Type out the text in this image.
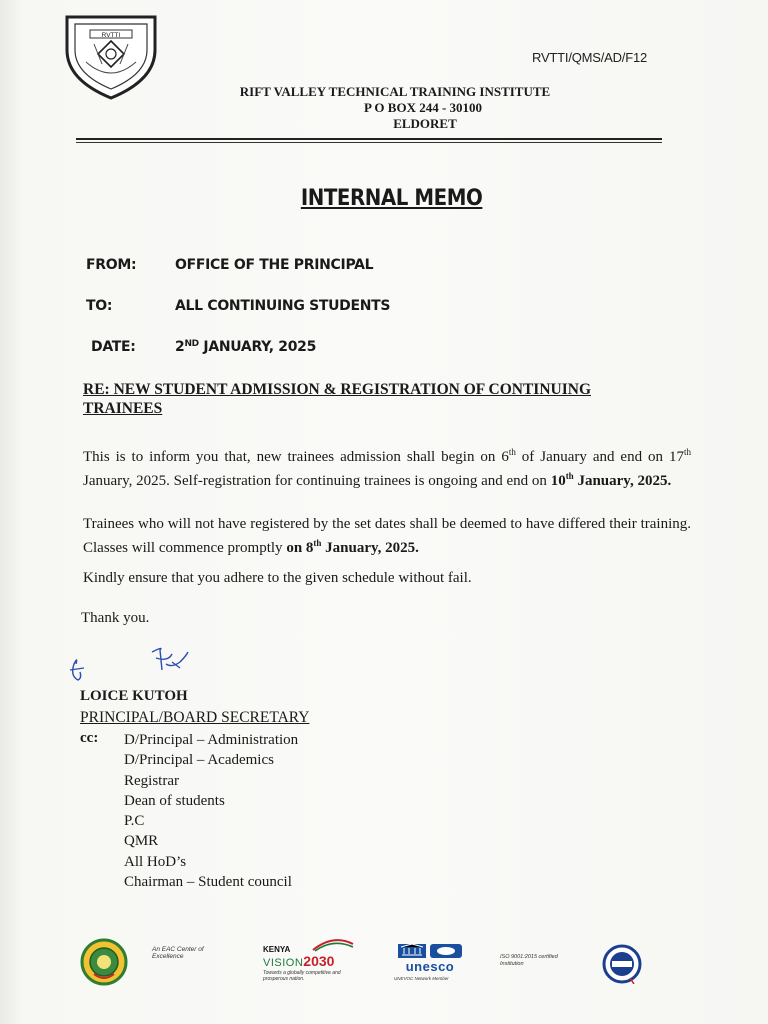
RVTTI
RVTTI/QMS/AD/F12
RIFT VALLEY TECHNICAL TRAINING INSTITUTE
P O BOX 244 - 30100
ELDORET
INTERNAL MEMO
FROM:	OFFICE OF THE PRINCIPAL
TO:	ALL CONTINUING STUDENTS
DATE:	2ND JANUARY, 2025
RE: NEW STUDENT ADMISSION & REGISTRATION OF CONTINUING TRAINEES
This is to inform you that, new trainees admission shall begin on 6th of January and end on 17th January, 2025. Self-registration for continuing trainees is ongoing and end on 10th January, 2025.
Trainees who will not have registered by the set dates shall be deemed to have differed their training. Classes will commence promptly on 8th January, 2025.
Kindly ensure that you adhere to the given schedule without fail.
Thank you.
LOICE KUTOH
PRINCIPAL/BOARD SECRETARY
cc: D/Principal – Administration
D/Principal – Academics
Registrar
Dean of students
P.C
QMR
All HoD’s
Chairman – Student council
An EAC Center of Excellence
KENYA
VISION2030
Towards a globally competitive and prosperous nation.
unesco
UNEVOC Network Member
ISO 9001:2015 certified Institution
